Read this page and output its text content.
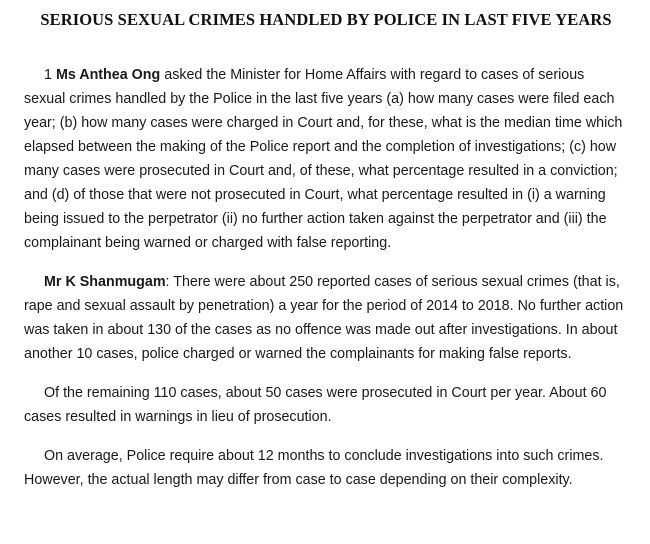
SERIOUS SEXUAL CRIMES HANDLED BY POLICE IN LAST FIVE YEARS

1 Ms Anthea Ong asked the Minister for Home Affairs with regard to cases of serious sexual crimes handled by the Police in the last five years (a) how many cases were filed each year; (b) how many cases were charged in Court and, for these, what is the median time which elapsed between the making of the Police report and the completion of investigations; (c) how many cases were prosecuted in Court and, of these, what percentage resulted in a conviction; and (d) of those that were not prosecuted in Court, what percentage resulted in (i) a warning being issued to the perpetrator (ii) no further action taken against the perpetrator and (iii) the complainant being warned or charged with false reporting.

Mr K Shanmugam: There were about 250 reported cases of serious sexual crimes (that is, rape and sexual assault by penetration) a year for the period of 2014 to 2018. No further action was taken in about 130 of the cases as no offence was made out after investigations. In about another 10 cases, police charged or warned the complainants for making false reports.

Of the remaining 110 cases, about 50 cases were prosecuted in Court per year. About 60 cases resulted in warnings in lieu of prosecution.

On average, Police require about 12 months to conclude investigations into such crimes. However, the actual length may differ from case to case depending on their complexity.
